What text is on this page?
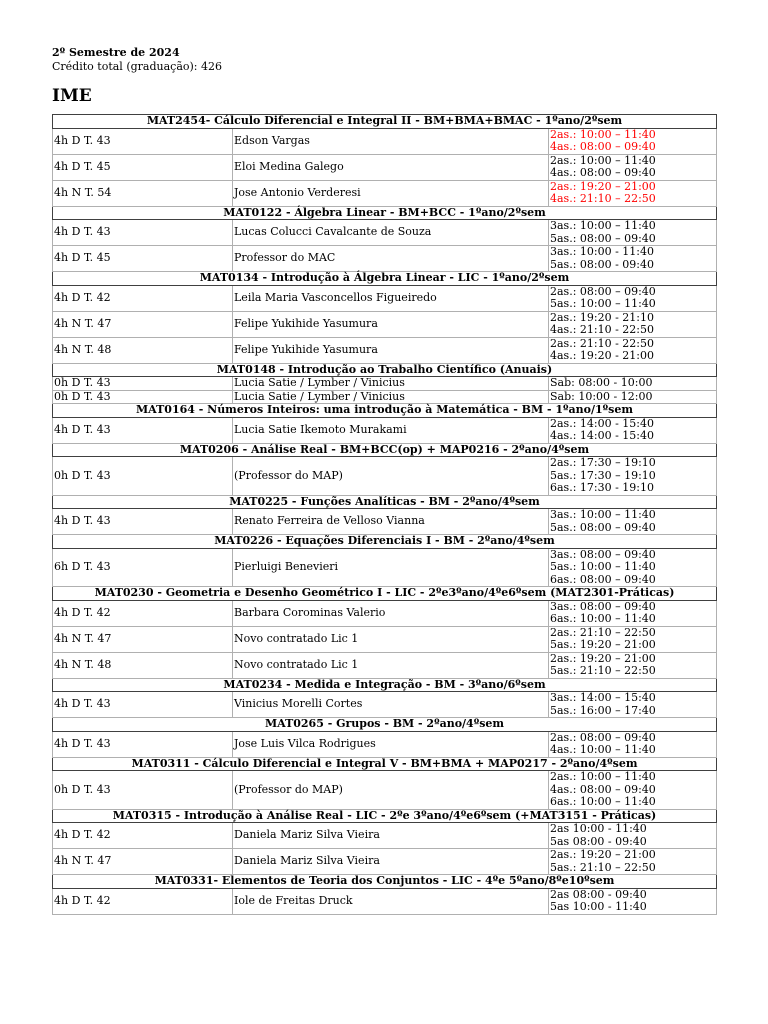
2º Semestre de 2024
Crédito total (graduação): 426
IME
MAT2454- Cálculo Diferencial e Integral II - BM+BMA+BMAC - 1ºano/2ºsem		
4h D T. 43	Edson Vargas	2as.: 10:00 – 11:40
4as.: 08:00 – 09:40
4h D T. 45	Eloi Medina Galego	2as.: 10:00 – 11:40
4as.: 08:00 – 09:40
4h N T. 54	Jose Antonio Verderesi	2as.: 19:20 – 21:00
4as.: 21:10 – 22:50
MAT0122 - Álgebra Linear - BM+BCC - 1ºano/2ºsem		
4h D T. 43	Lucas Colucci Cavalcante de Souza	3as.: 10:00 – 11:40
5as.: 08:00 – 09:40
4h D T. 45	Professor do MAC	3as.: 10:00 - 11:40
5as.: 08:00 - 09:40
MAT0134 - Introdução à Álgebra Linear - LIC - 1ºano/2ºsem		
4h D T. 42	Leila Maria Vasconcellos Figueiredo	2as.: 08:00 – 09:40
5as.: 10:00 – 11:40
4h N T. 47	Felipe Yukihide Yasumura	2as.: 19:20 - 21:10
4as.: 21:10 - 22:50
4h N T. 48	Felipe Yukihide Yasumura	2as.: 21:10 - 22:50
4as.: 19:20 - 21:00
MAT0148 - Introdução ao Trabalho Científico (Anuais)		
0h D T. 43	Lucia Satie / Lymber / Vinicius	Sab: 08:00 - 10:00
0h D T. 43	Lucia Satie / Lymber / Vinicius	Sab: 10:00 - 12:00
MAT0164 - Números Inteiros: uma introdução à Matemática - BM - 1ºano/1ºsem		
4h D T. 43	Lucia Satie Ikemoto Murakami	2as.: 14:00 - 15:40
4as.: 14:00 - 15:40
MAT0206 - Análise Real - BM+BCC(op) + MAP0216 - 2ºano/4ºsem		
0h D T. 43	(Professor do MAP)	2as.: 17:30 – 19:10
5as.: 17:30 – 19:10
6as.: 17:30 - 19:10
MAT0225 - Funções Analíticas - BM - 2ºano/4ºsem		
4h D T. 43	Renato Ferreira de Velloso Vianna	3as.: 10:00 – 11:40
5as.: 08:00 – 09:40
MAT0226 - Equações Diferenciais I - BM - 2ºano/4ºsem		
6h D T. 43	Pierluigi Benevieri	3as.: 08:00 – 09:40
5as.: 10:00 – 11:40
6as.: 08:00 – 09:40
MAT0230 - Geometria e Desenho Geométrico I - LIC - 2ºe3ºano/4ºe6ºsem (MAT2301-Práticas)		
4h D T. 42	Barbara Corominas Valerio	3as.: 08:00 – 09:40
6as.: 10:00 – 11:40
4h N T. 47	Novo contratado Lic 1	2as.: 21:10 – 22:50
5as.: 19:20 – 21:00
4h N T. 48	Novo contratado Lic 1	2as.: 19:20 – 21:00
5as.: 21:10 – 22:50
MAT0234 - Medida e Integração - BM - 3ºano/6ºsem		
4h D T. 43	Vinicius Morelli Cortes	3as.: 14:00 – 15:40
5as.: 16:00 – 17:40
MAT0265 - Grupos - BM - 2ºano/4ºsem		
4h D T. 43	Jose Luis Vilca Rodrigues	2as.: 08:00 – 09:40
4as.: 10:00 – 11:40
MAT0311 - Cálculo Diferencial e Integral V - BM+BMA + MAP0217 - 2ºano/4ºsem		
0h D T. 43	(Professor do MAP)	2as.: 10:00 – 11:40
4as.: 08:00 – 09:40
6as.: 10:00 – 11:40
MAT0315 - Introdução à Análise Real - LIC - 2ºe 3ºano/4ºe6ºsem (+MAT3151 - Práticas)		
4h D T. 42	Daniela Mariz Silva Vieira	2as 10:00 - 11:40
5as 08:00 - 09:40
4h N T. 47	Daniela Mariz Silva Vieira	2as.: 19:20 – 21:00
5as.: 21:10 – 22:50
MAT0331- Elementos de Teoria dos Conjuntos - LIC - 4ºe 5ºano/8ºe10ºsem		
4h D T. 42	Iole de Freitas Druck	2as 08:00 - 09:40
5as 10:00 - 11:40
